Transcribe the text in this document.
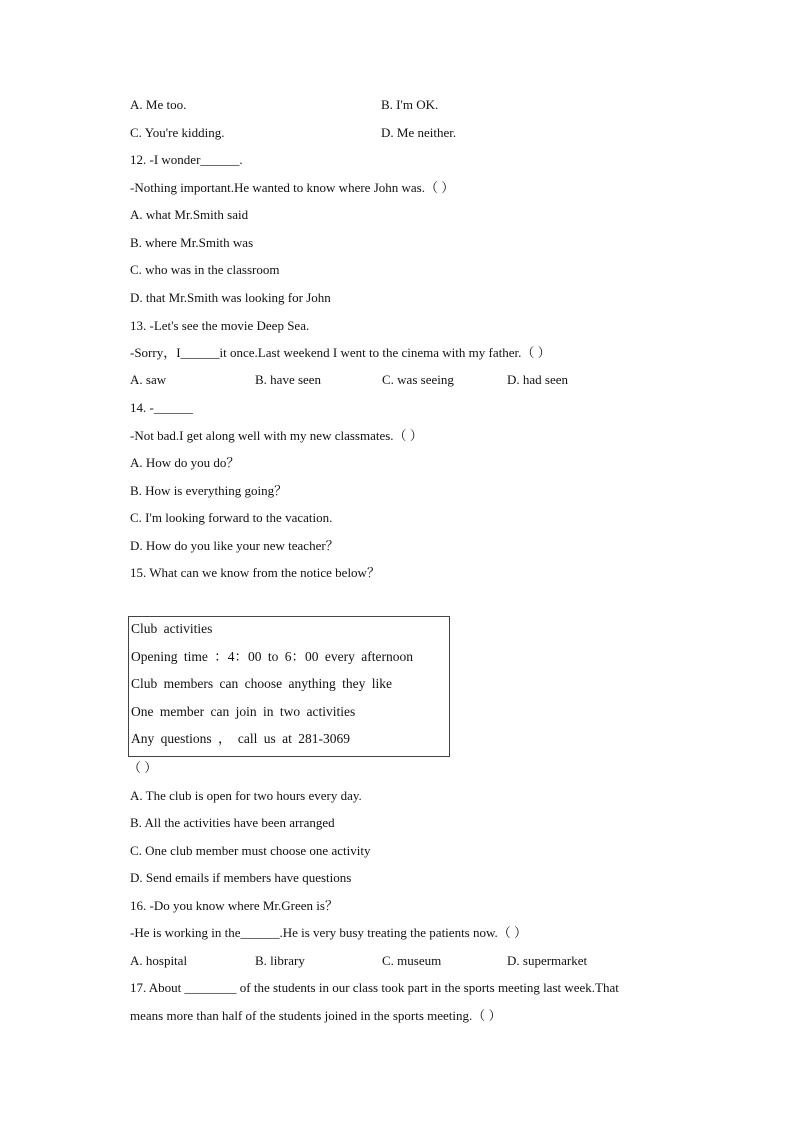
A. Me too.	B. I'm OK.
C. You're kidding.	D. Me neither.
12. -I wonder______.
-Nothing important.He wanted to know where John was.（ ）
A. what Mr.Smith said
B. where Mr.Smith was
C. who was in the classroom
D. that Mr.Smith was looking for John
13. -Let's see the movie Deep Sea.
-Sorry，I______it once.Last weekend I went to the cinema with my father.（ ）
A. saw	B. have seen	C. was seeing	D. had seen
14. -______
-Not bad.I get along well with my new classmates.（ ）
A. How do you do？
B. How is everything going？
C. I'm looking forward to the vacation.
D. How do you like your new teacher？
15. What can we know from the notice below？
Club activities
Opening time ：4：00 to 6：00 every afternoon
Club members can choose anything they like
One member can join in two activities
Any questions ， call us at 281-3069
（ ）
A. The club is open for two hours every day.
B. All the activities have been arranged
C. One club member must choose one activity
D. Send emails if members have questions
16. -Do you know where Mr.Green is？
-He is working in the______.He is very busy treating the patients now.（ ）
A. hospital	B. library	C. museum	D. supermarket
17. About ________ of the students in our class took part in the sports meeting last week.That
means more than half of the students joined in the sports meeting.（ ）
